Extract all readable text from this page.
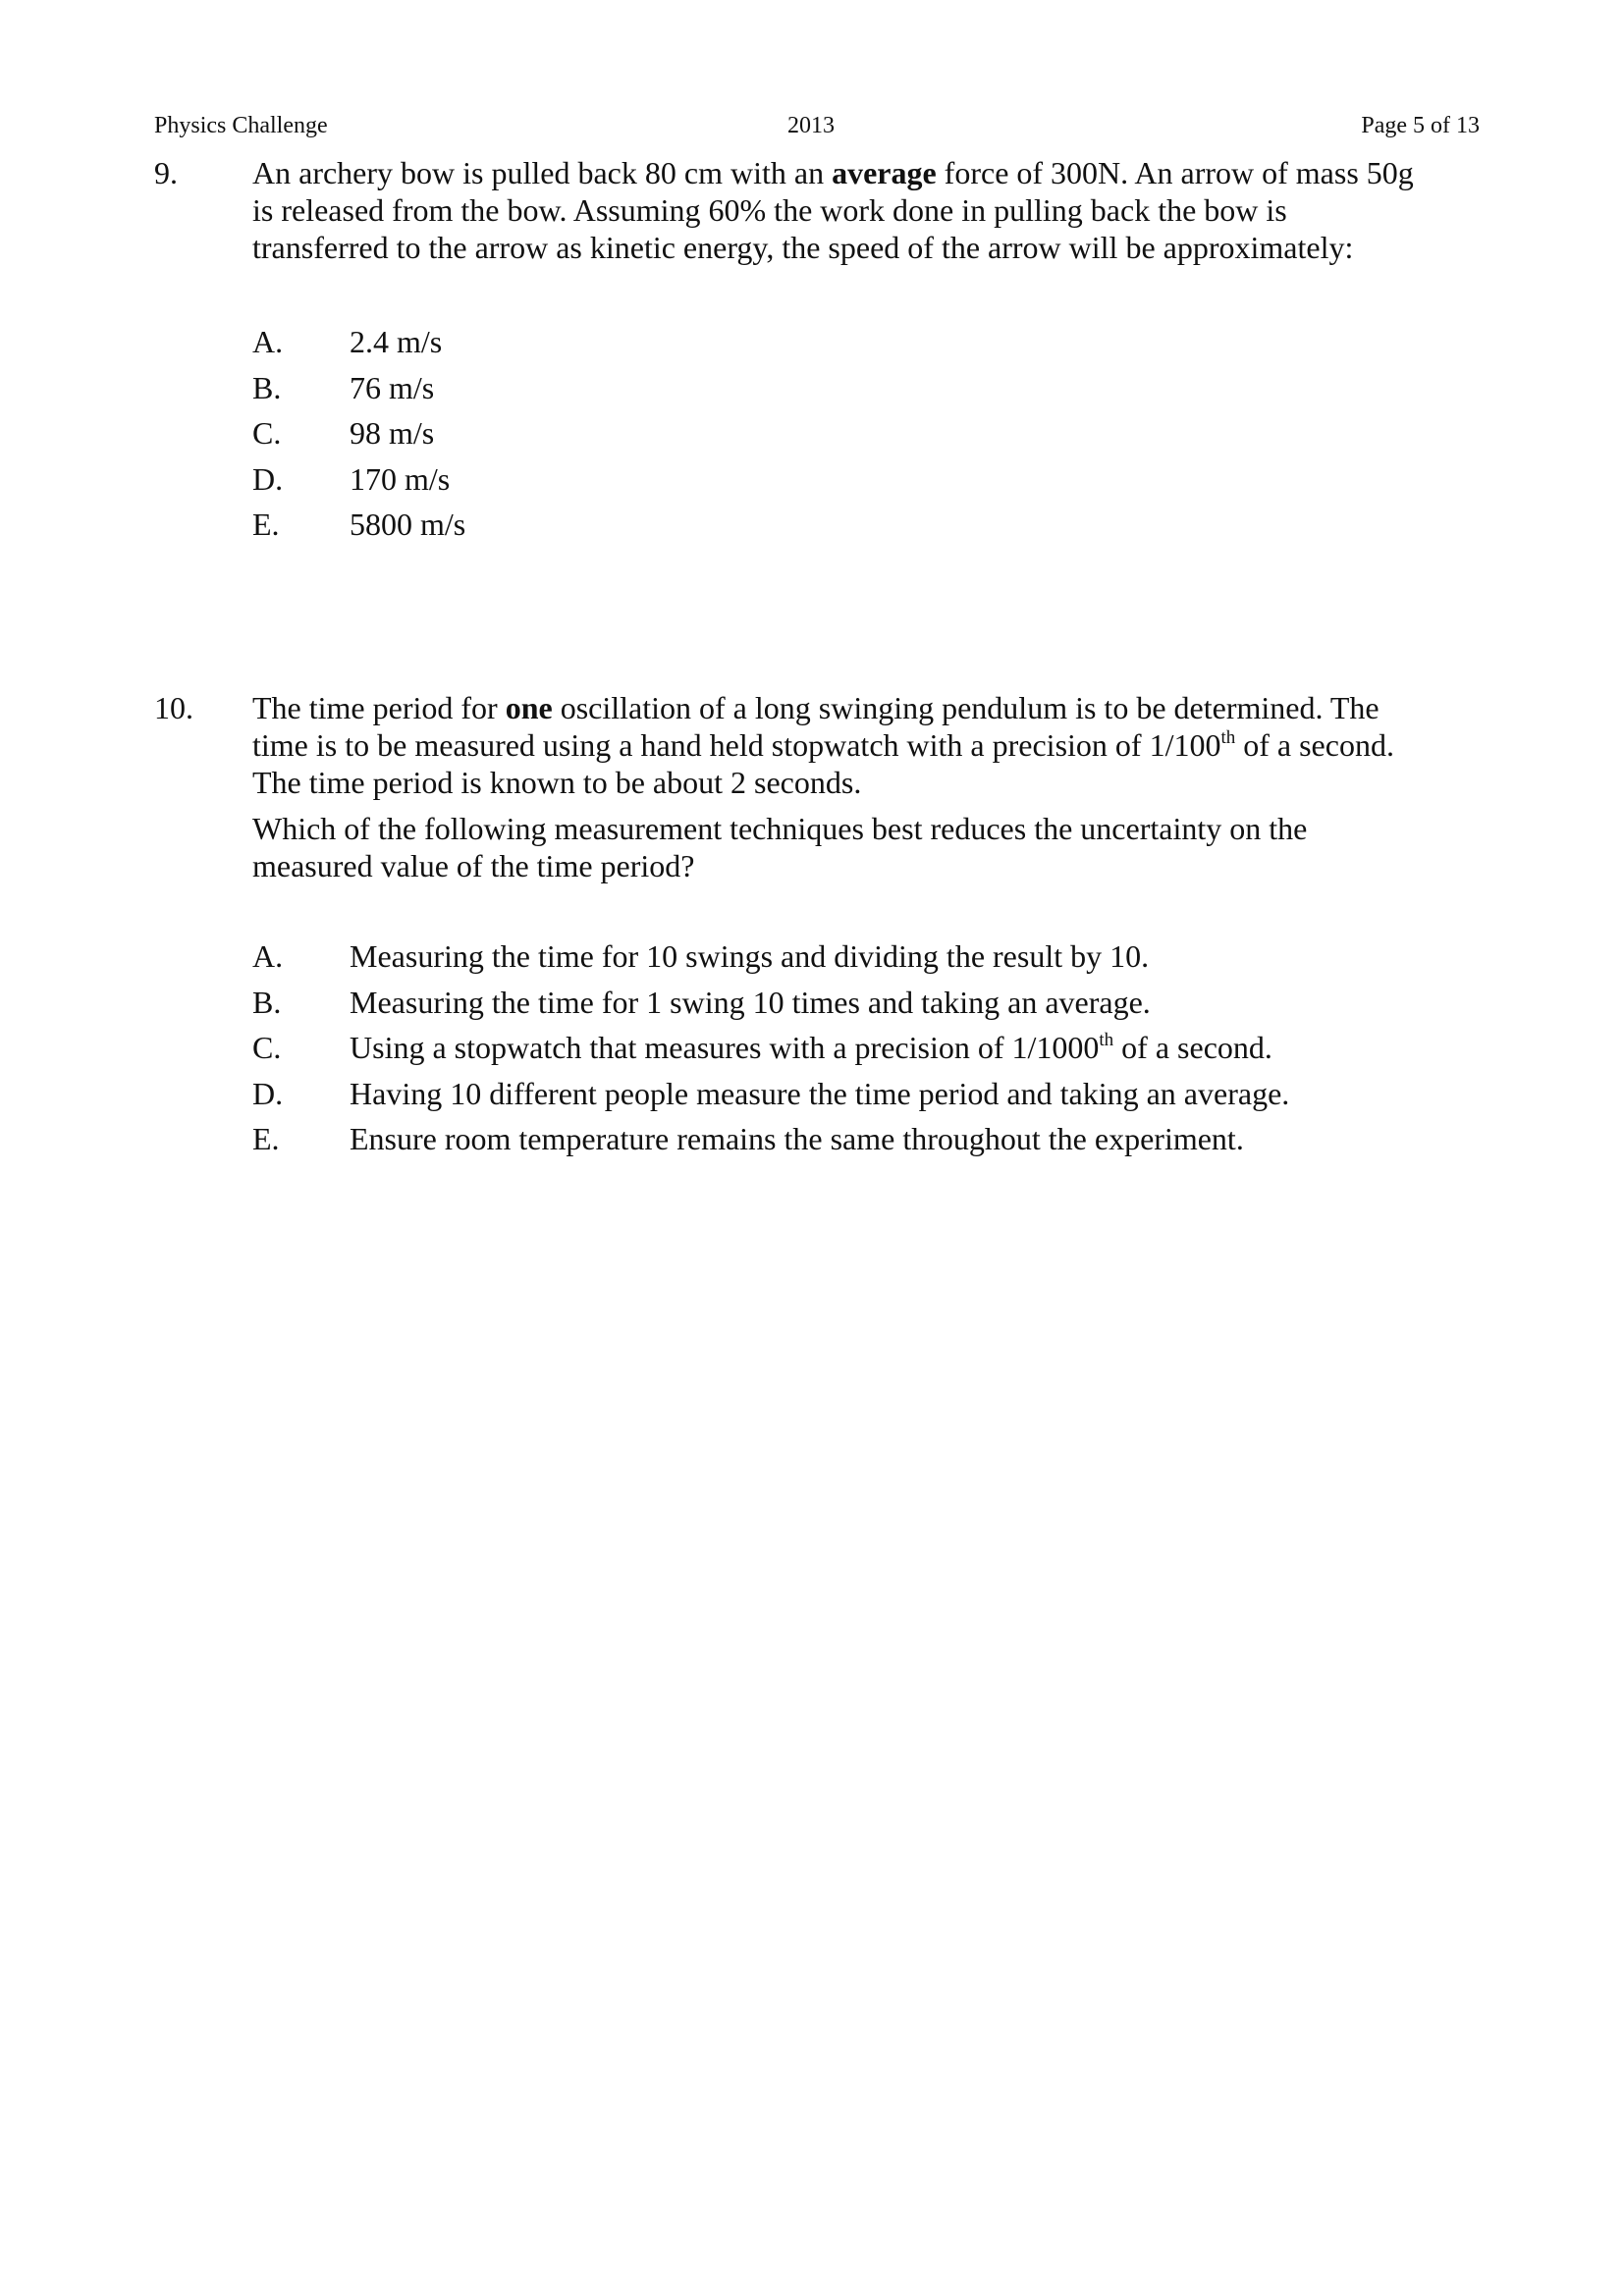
Physics Challenge	2013	Page 5 of 13
9. An archery bow is pulled back 80 cm with an average force of 300N. An arrow of mass 50g
is released from the bow. Assuming 60% the work done in pulling back the bow is
transferred to the arrow as kinetic energy, the speed of the arrow will be approximately:
A. 2.4 m/s
B. 76 m/s
C. 98 m/s
D. 170 m/s
E. 5800 m/s
10. The time period for one oscillation of a long swinging pendulum is to be determined. The
time is to be measured using a hand held stopwatch with a precision of 1/100th of a second.
The time period is known to be about 2 seconds.
Which of the following measurement techniques best reduces the uncertainty on the
measured value of the time period?
A. Measuring the time for 10 swings and dividing the result by 10.
B. Measuring the time for 1 swing 10 times and taking an average.
C. Using a stopwatch that measures with a precision of 1/1000th of a second.
D. Having 10 different people measure the time period and taking an average.
E. Ensure room temperature remains the same throughout the experiment.
